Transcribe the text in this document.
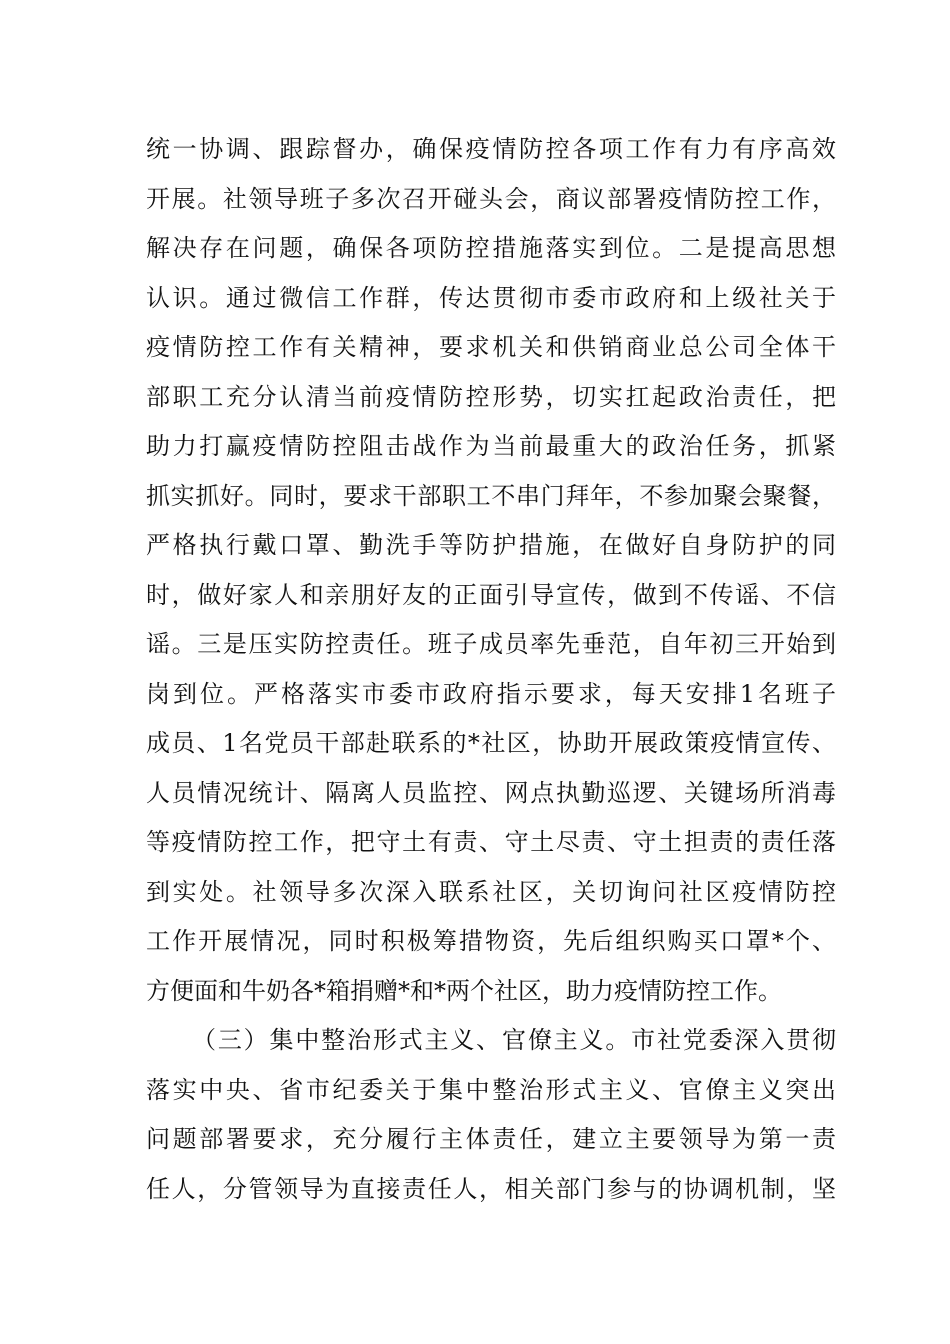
统一协调、跟踪督办，确保疫情防控各项工作有力有序高效
开展。社领导班子多次召开碰头会，商议部署疫情防控工作，
解决存在问题，确保各项防控措施落实到位。二是提高思想
认识。通过微信工作群，传达贯彻市委市政府和上级社关于
疫情防控工作有关精神，要求机关和供销商业总公司全体干
部职工充分认清当前疫情防控形势，切实扛起政治责任，把
助力打赢疫情防控阻击战作为当前最重大的政治任务，抓紧
抓实抓好。同时，要求干部职工不串门拜年，不参加聚会聚餐，
严格执行戴口罩、勤洗手等防护措施，在做好自身防护的同
时，做好家人和亲朋好友的正面引导宣传，做到不传谣、不信
谣。三是压实防控责任。班子成员率先垂范，自年初三开始到
岗到位。严格落实市委市政府指示要求，每天安排1名班子
成员、1名党员干部赴联系的*社区，协助开展政策疫情宣传、
人员情况统计、隔离人员监控、网点执勤巡逻、关键场所消毒
等疫情防控工作，把守土有责、守土尽责、守土担责的责任落
到实处。社领导多次深入联系社区，关切询问社区疫情防控
工作开展情况，同时积极筹措物资，先后组织购买口罩*个、
方便面和牛奶各*箱捐赠*和*两个社区，助力疫情防控工作。
（三）集中整治形式主义、官僚主义。市社党委深入贯彻
落实中央、省市纪委关于集中整治形式主义、官僚主义突出
问题部署要求，充分履行主体责任，建立主要领导为第一责
任人，分管领导为直接责任人，相关部门参与的协调机制，坚
